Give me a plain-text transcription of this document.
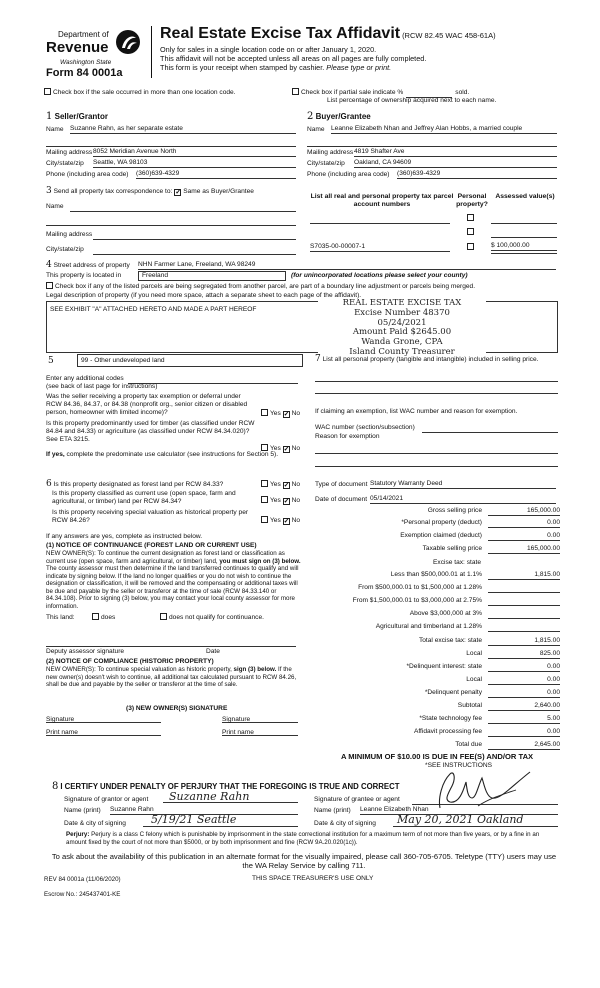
Department of
Revenue
Washington State
Form 84 0001a
Real Estate Excise Tax Affidavit (RCW 82.45 WAC 458-61A)
Only for sales in a single location code on or after January 1, 2020.
This affidavit will not be accepted unless all areas on all pages are fully completed.
This form is your receipt when stamped by cashier. Please type or print.
Check box if the sale occurred in more than one location code.	Check box if partial sale indicate %	sold.
List percentage of ownership acquired next to each name.
1 Seller/Grantor	2 Buyer/Grantee
Name Suzanne Rahn, as her separate estate	Name Leanne Elizabeth Nhan and Jeffrey Alan Hobbs, a married couple
Mailing address 8052 Meridian Avenue North	Mailing address 4819 Shafter Ave
City/state/zip Seattle, WA 98103	City/state/zip Oakland, CA 94609
Phone (including area code) (360)639-4329	Phone (including area code) (360)639-4329
3 Send all property tax correspondence to: ✓ Same as Buyer/Grantee
Name
Mailing address
City/state/zip
List all real and personal property tax parcel account numbers
Personal property?
Assessed value(s)
S7035-00-00007-1	$ 100,000.00
4 Street address of property NHN Farmer Lane, Freeland, WA 98249
This property is located in	Freeland	(for unincorporated locations please select your county)
Check box if any of the listed parcels are being segregated from another parcel, are part of a boundary line adjustment or parcels being merged.
Legal description of property (if you need more space, attach a separate sheet to each page of the affidavit).
SEE EXHIBIT "A" ATTACHED HERETO AND MADE A PART HEREOF
REAL ESTATE EXCISE TAX
Excise Number 48370
05/24/2021
Amount Paid $2645.00
Wanda Grone, CPA
Island County Treasurer
5	99 - Other undeveloped land
Enter any additional codes
(see back of last page for instructions)
Was the seller receiving a property tax exemption or deferral under RCW 84.36, 84.37, or 84.38 (nonprofit org., senior citizen or disabled person, homeowner with limited income)?	Yes ✓ No
Is this property predominantly used for timber (as classified under RCW 84.84 and 84.33) or agriculture (as classified under RCW 84.34.020)? See ETA 3215.
Yes ✓ No
If yes, complete the predominate use calculator (see instructions for Section 5).
7 List all personal property (tangible and intangible) included in selling price.
If claiming an exemption, list WAC number and reason for exemption.
WAC number (section/subsection)
Reason for exemption
6 Is this property designated as forest land per RCW 84.33?	Yes ✓ No
Is this property classified as current use (open space, farm and agricultural, or timber) land per RCW 84.34?	Yes ✓ No
Is this property receiving special valuation as historical property per RCW 84.26?	Yes ✓ No
If any answers are yes, complete as instructed below.
(1) NOTICE OF CONTINUANCE (FOREST LAND OR CURRENT USE)
NEW OWNER(S): To continue the current designation as forest land or classification as current use (open space, farm and agricultural, or timber) land, you must sign on (3) below. The county assessor must then determine if the land transferred continues to qualify and will indicate by signing below. If the land no longer qualifies or you do not wish to continue the designation or classification, it will be removed and the compensating or additional taxes will be due and payable by the seller or transferor at the time of sale (RCW 84.33.140 or 84.34.108). Prior to signing (3) below, you may contact your local county assessor for more information.
This land:	does	does not qualify for continuance.
Deputy assessor signature	Date
(2) NOTICE OF COMPLIANCE (HISTORIC PROPERTY)
NEW OWNER(S): To continue special valuation as historic property, sign (3) below. If the new owner(s) doesn't wish to continue, all additional tax calculated pursuant to RCW 84.26, shall be due and payable by the seller or transferor at the time of sale.
(3) NEW OWNER(S) SIGNATURE
Signature	Signature
Print name	Print name
Type of document Statutory Warranty Deed
Date of document 05/14/2021
Gross selling price	165,000.00
*Personal property (deduct)	0.00
Exemption claimed (deduct)	0.00
Taxable selling price	165,000.00
Excise tax: state
Less than $500,000.01 at 1.1%	1,815.00
From $500,000.01 to $1,500,000 at 1.28%

From $1,500,000.01 to $3,000,000 at 2.75%

Above $3,000,000 at 3%

Agricultural and timberland at 1.28%

Total excise tax: state	1,815.00
Local	825.00
*Delinquent interest: state	0.00
Local	0.00
*Delinquent penalty	0.00
Subtotal	2,640.00
*State technology fee	5.00
Affidavit processing fee	0.00
Total due	2,645.00
A MINIMUM OF $10.00 IS DUE IN FEE(S) AND/OR TAX
*SEE INSTRUCTIONS
8 I CERTIFY UNDER PENALTY OF PERJURY THAT THE FOREGOING IS TRUE AND CORRECT
Signature of grantor or agent	Suzanne Rahn
Name (print) Suzanne Rahn
Date & city of signing	5/19/21 Seattle
Signature of grantee or agent
Name (print) Leanne Elizabeth Nhan
Date & city of signing	May 20, 2021 Oakland
Perjury: Perjury is a class C felony which is punishable by imprisonment in the state correctional institution for a maximum term of not more than five years, or by a fine in an amount fixed by the court of not more than $5000, or by both imprisonment and fine (RCW 9A.20.020(1c)).
To ask about the availability of this publication in an alternate format for the visually impaired, please call 360-705-6705. Teletype (TTY) users may use the WA Relay Service by calling 711.
REV 84 0001a (11/06/2020)	THIS SPACE TREASURER'S USE ONLY
Escrow No.: 245437401-KE
